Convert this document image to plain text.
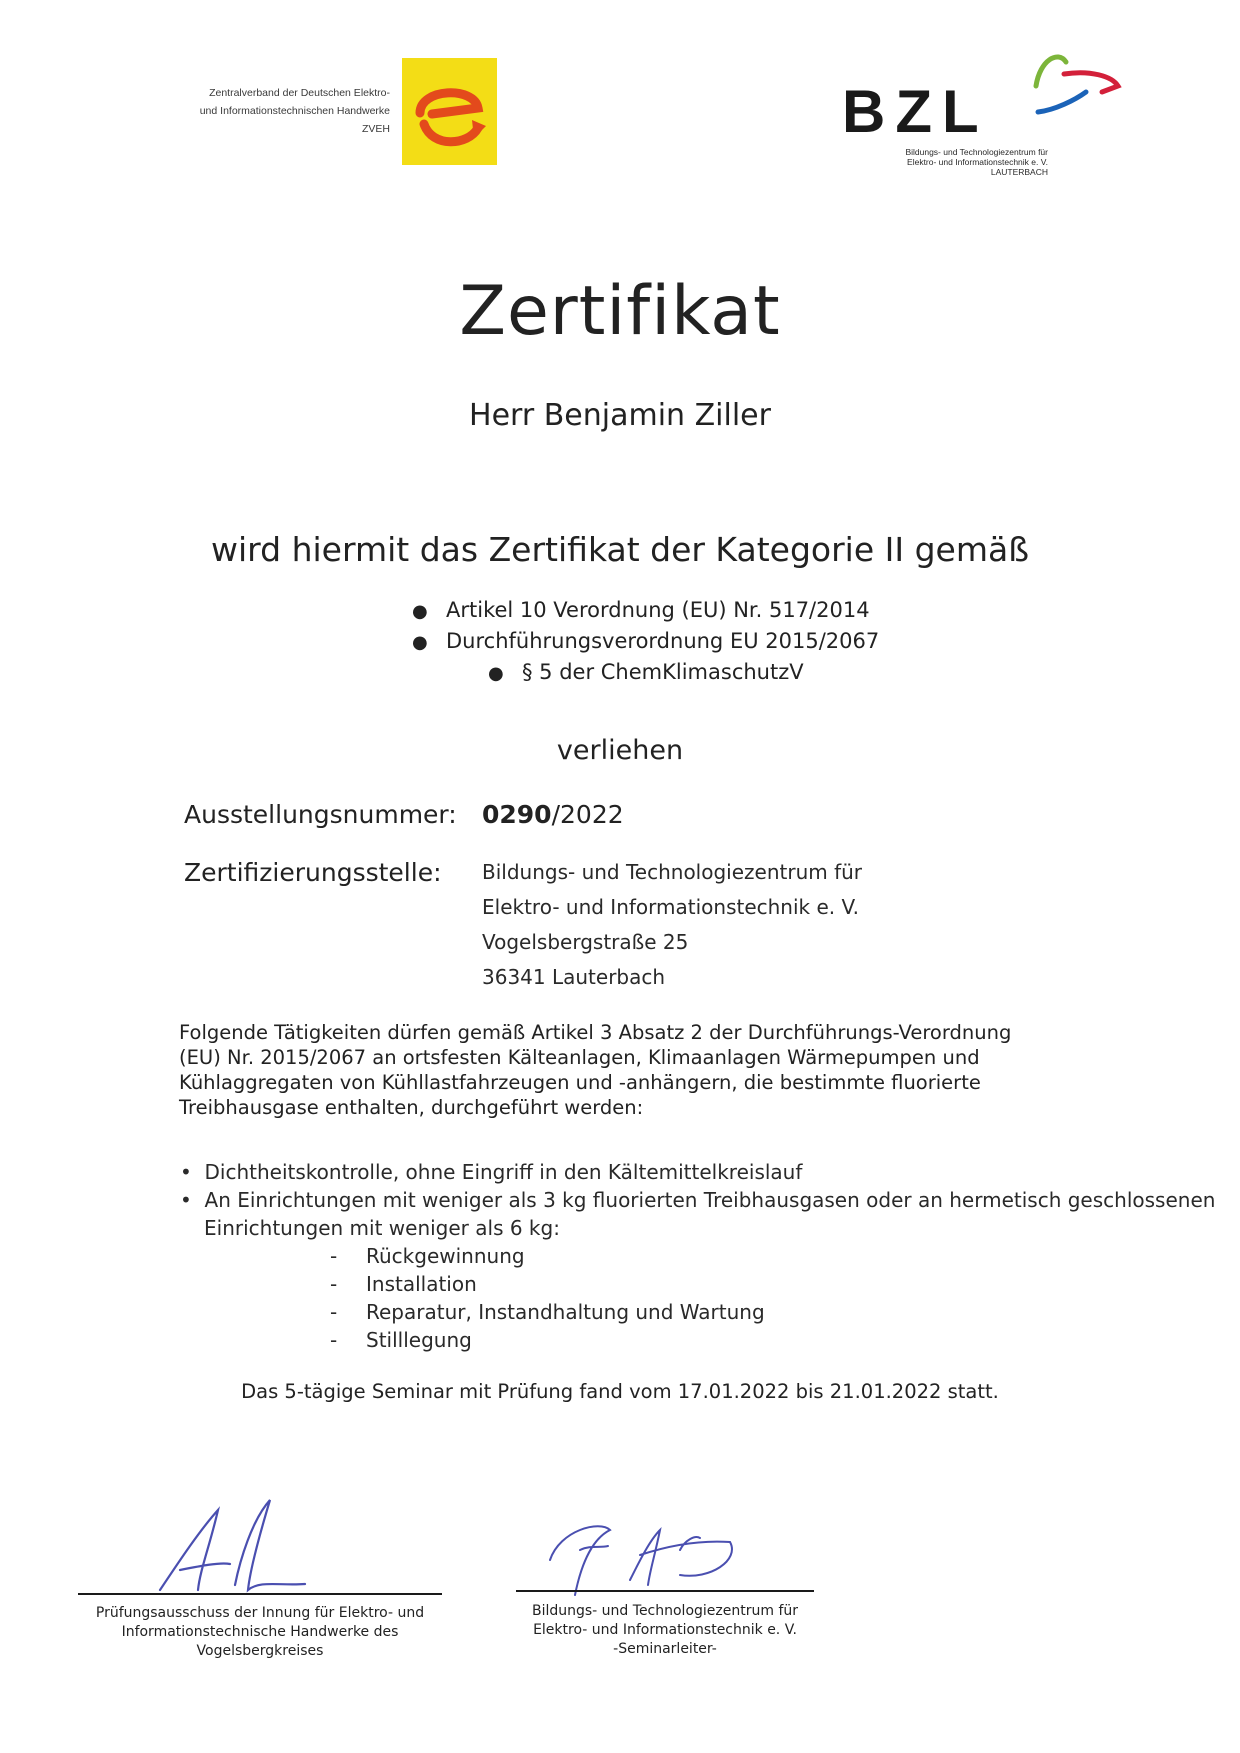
Zentralverband der Deutschen Elektro-
und Informationstechnischen Handwerke
ZVEH	BZL
Bildungs- und Technologiezentrum für
Elektro- und Informationstechnik e. V.
LAUTERBACH
Zertifikat
Herr Benjamin Ziller
wird hiermit das Zertifikat der Kategorie II gemäß
● Artikel 10 Verordnung (EU) Nr. 517/2014
● Durchführungsverordnung EU 2015/2067
● § 5 der ChemKlimaschutzV
verliehen
Ausstellungsnummer: 0290/2022
Zertifizierungsstelle: Bildungs- und Technologiezentrum für
Elektro- und Informationstechnik e. V.
Vogelsbergstraße 25
36341 Lauterbach
Folgende Tätigkeiten dürfen gemäß Artikel 3 Absatz 2 der Durchführungs-Verordnung (EU) Nr. 2015/2067 an ortsfesten Kälteanlagen, Klimaanlagen Wärmepumpen und Kühlaggregaten von Kühllastfahrzeugen und -anhängern, die bestimmte fluorierte Treibhausgase enthalten, durchgeführt werden:
•  Dichtheitskontrolle, ohne Eingriff in den Kältemittelkreislauf
•  An Einrichtungen mit weniger als 3 kg fluorierten Treibhausgasen oder an hermetisch geschlossenen
Einrichtungen mit weniger als 6 kg:
- Rückgewinnung
- Installation
- Reparatur, Instandhaltung und Wartung
- Stilllegung
Das 5-tägige Seminar mit Prüfung fand vom 17.01.2022 bis 21.01.2022 statt.
Prüfungsausschuss der Innung für Elektro- und
Informationstechnische Handwerke des
Vogelsbergkreises
Bildungs- und Technologiezentrum für
Elektro- und Informationstechnik e. V.
-Seminarleiter-
